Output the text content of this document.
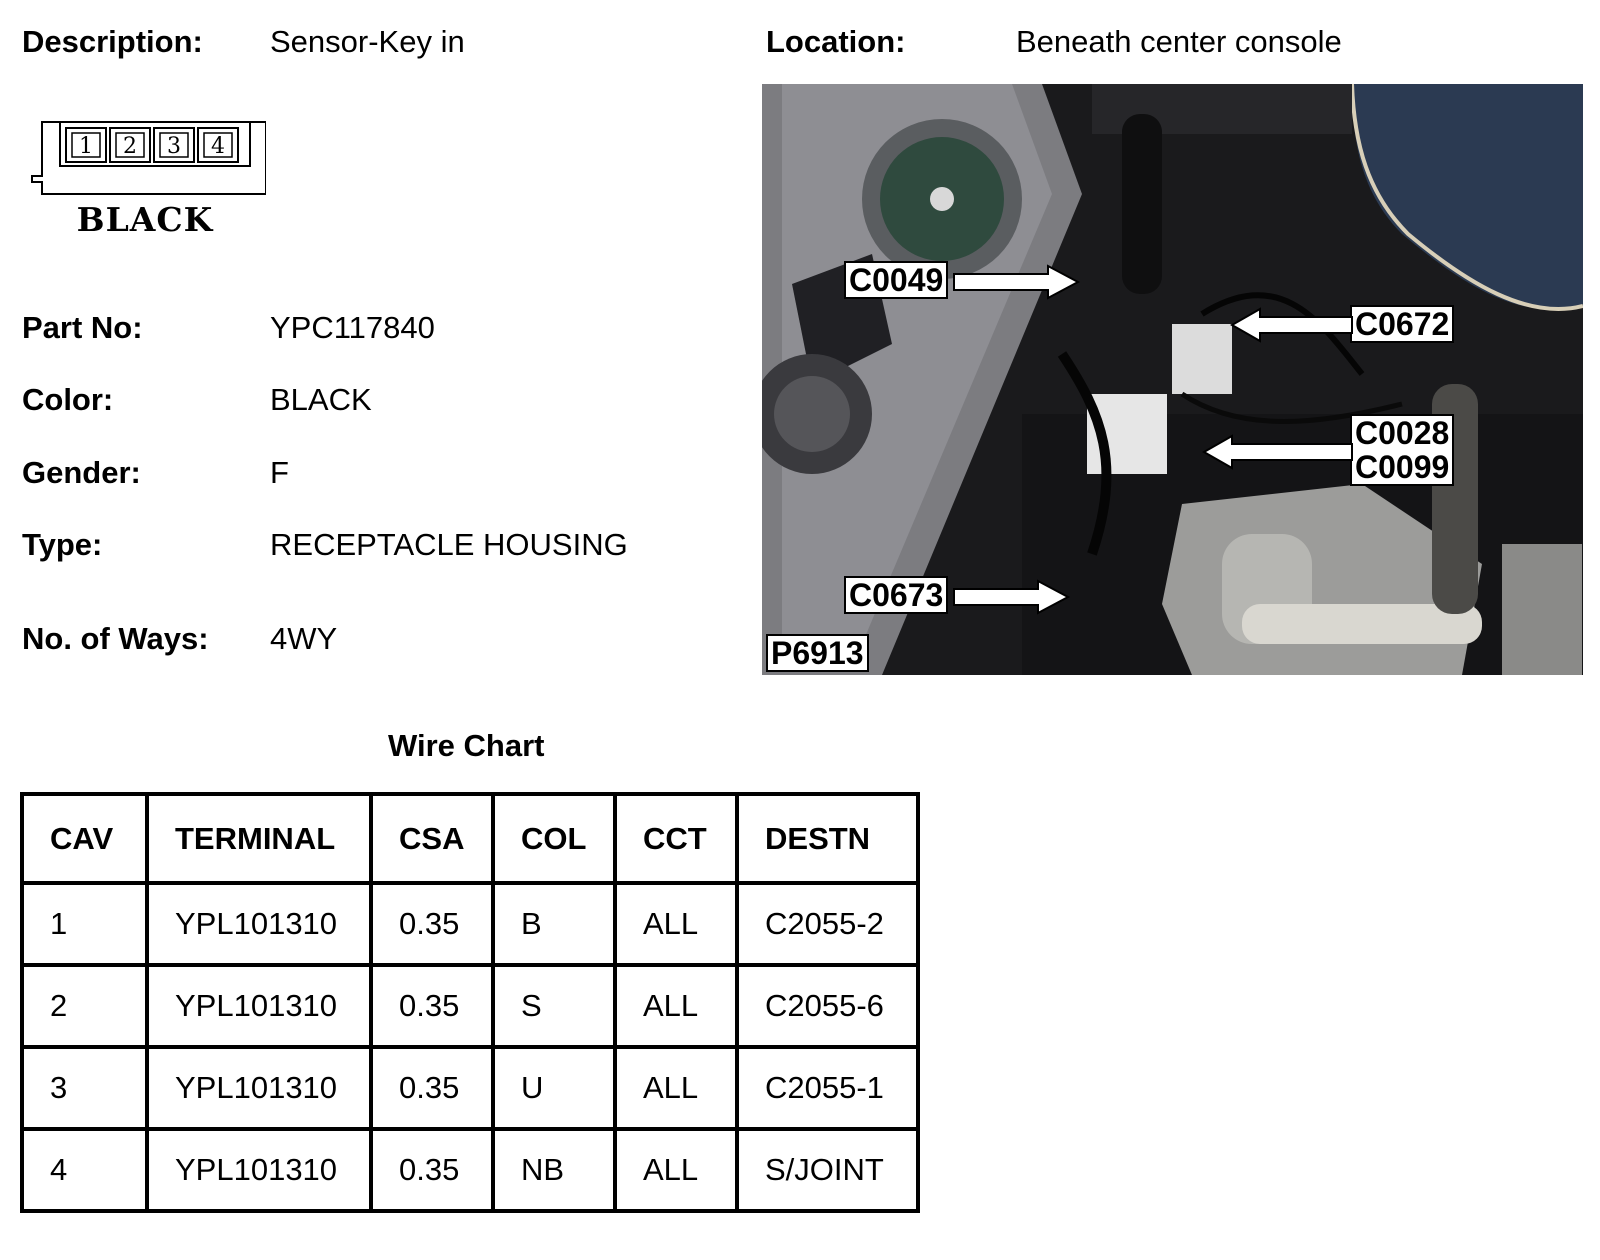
Description: Sensor-Key in	Location:	Beneath center console
1 2 3 4
BLACK
Part No:	YPC117840
Color:	BLACK
Gender:	F
Type:	RECEPTACLE HOUSING
No. of Ways: 4WY
C0049
C0672
C0028
C0099
C0673
P6913
Wire Chart
CAV	TERMINAL	CSA	COL	CCT	DESTN
1	YPL101310	0.35	B	ALL	C2055-2
2	YPL101310	0.35	S	ALL	C2055-6
3	YPL101310	0.35	U	ALL	C2055-1
4	YPL101310	0.35	NB	ALL	S/JOINT
